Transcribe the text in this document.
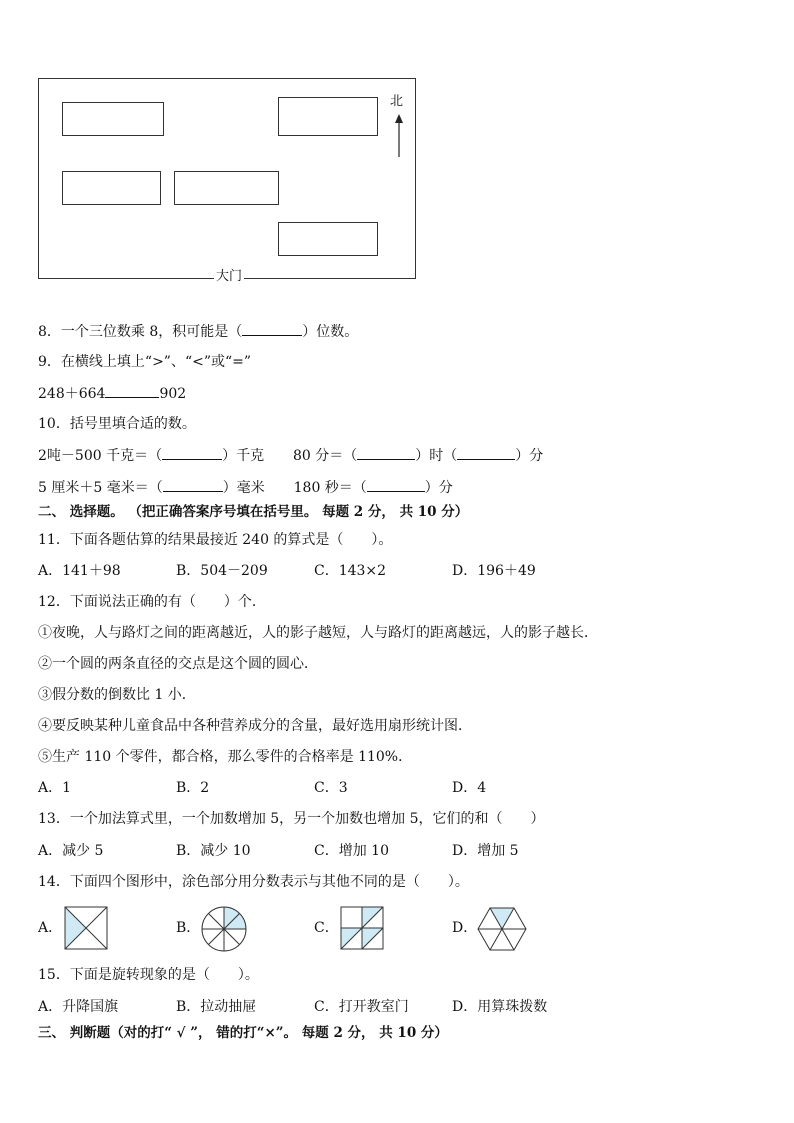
北
大门
8．一个三位数乘 8，积可能是（	）位数。
9．在横线上填上“>”、“<”或“=”
248＋664	902
10．括号里填合适的数。
2吨－500 千克＝（	）千克 80 分＝（	）时（	）分
5 厘米＋5 毫米＝（	）毫米 180 秒＝（	）分
二、 选择题。 （把正确答案序号填在括号里。 每题 2 分， 共 10 分）
11．下面各题估算的结果最接近 240 的算式是（　　）。
A．141＋98	B．504－209	C．143×2	D．196＋49
12．下面说法正确的有（　　）个．
①夜晚，人与路灯之间的距离越近，人的影子越短，人与路灯的距离越远，人的影子越长．
②一个圆的两条直径的交点是这个圆的圆心．
③假分数的倒数比 1 小．
④要反映某种儿童食品中各种营养成分的含量，最好选用扇形统计图．
⑤生产 110 个零件，都合格，那么零件的合格率是 110%．
A．1	B．2	C．3	D．4
13．一个加法算式里，一个加数增加 5，另一个加数也增加 5，它们的和（　　）
A．减少 5	B．减少 10	C．增加 10	D．增加 5
14．下面四个图形中，涂色部分用分数表示与其他不同的是（　　）。
A．	B．	C．	D．
15．下面是旋转现象的是（　　）。
A．升降国旗	B．拉动抽屉	C．打开教室门	D．用算珠拨数
三、 判断题（对的打“ √ ”， 错的打“×”。 每题 2 分， 共 10 分）
